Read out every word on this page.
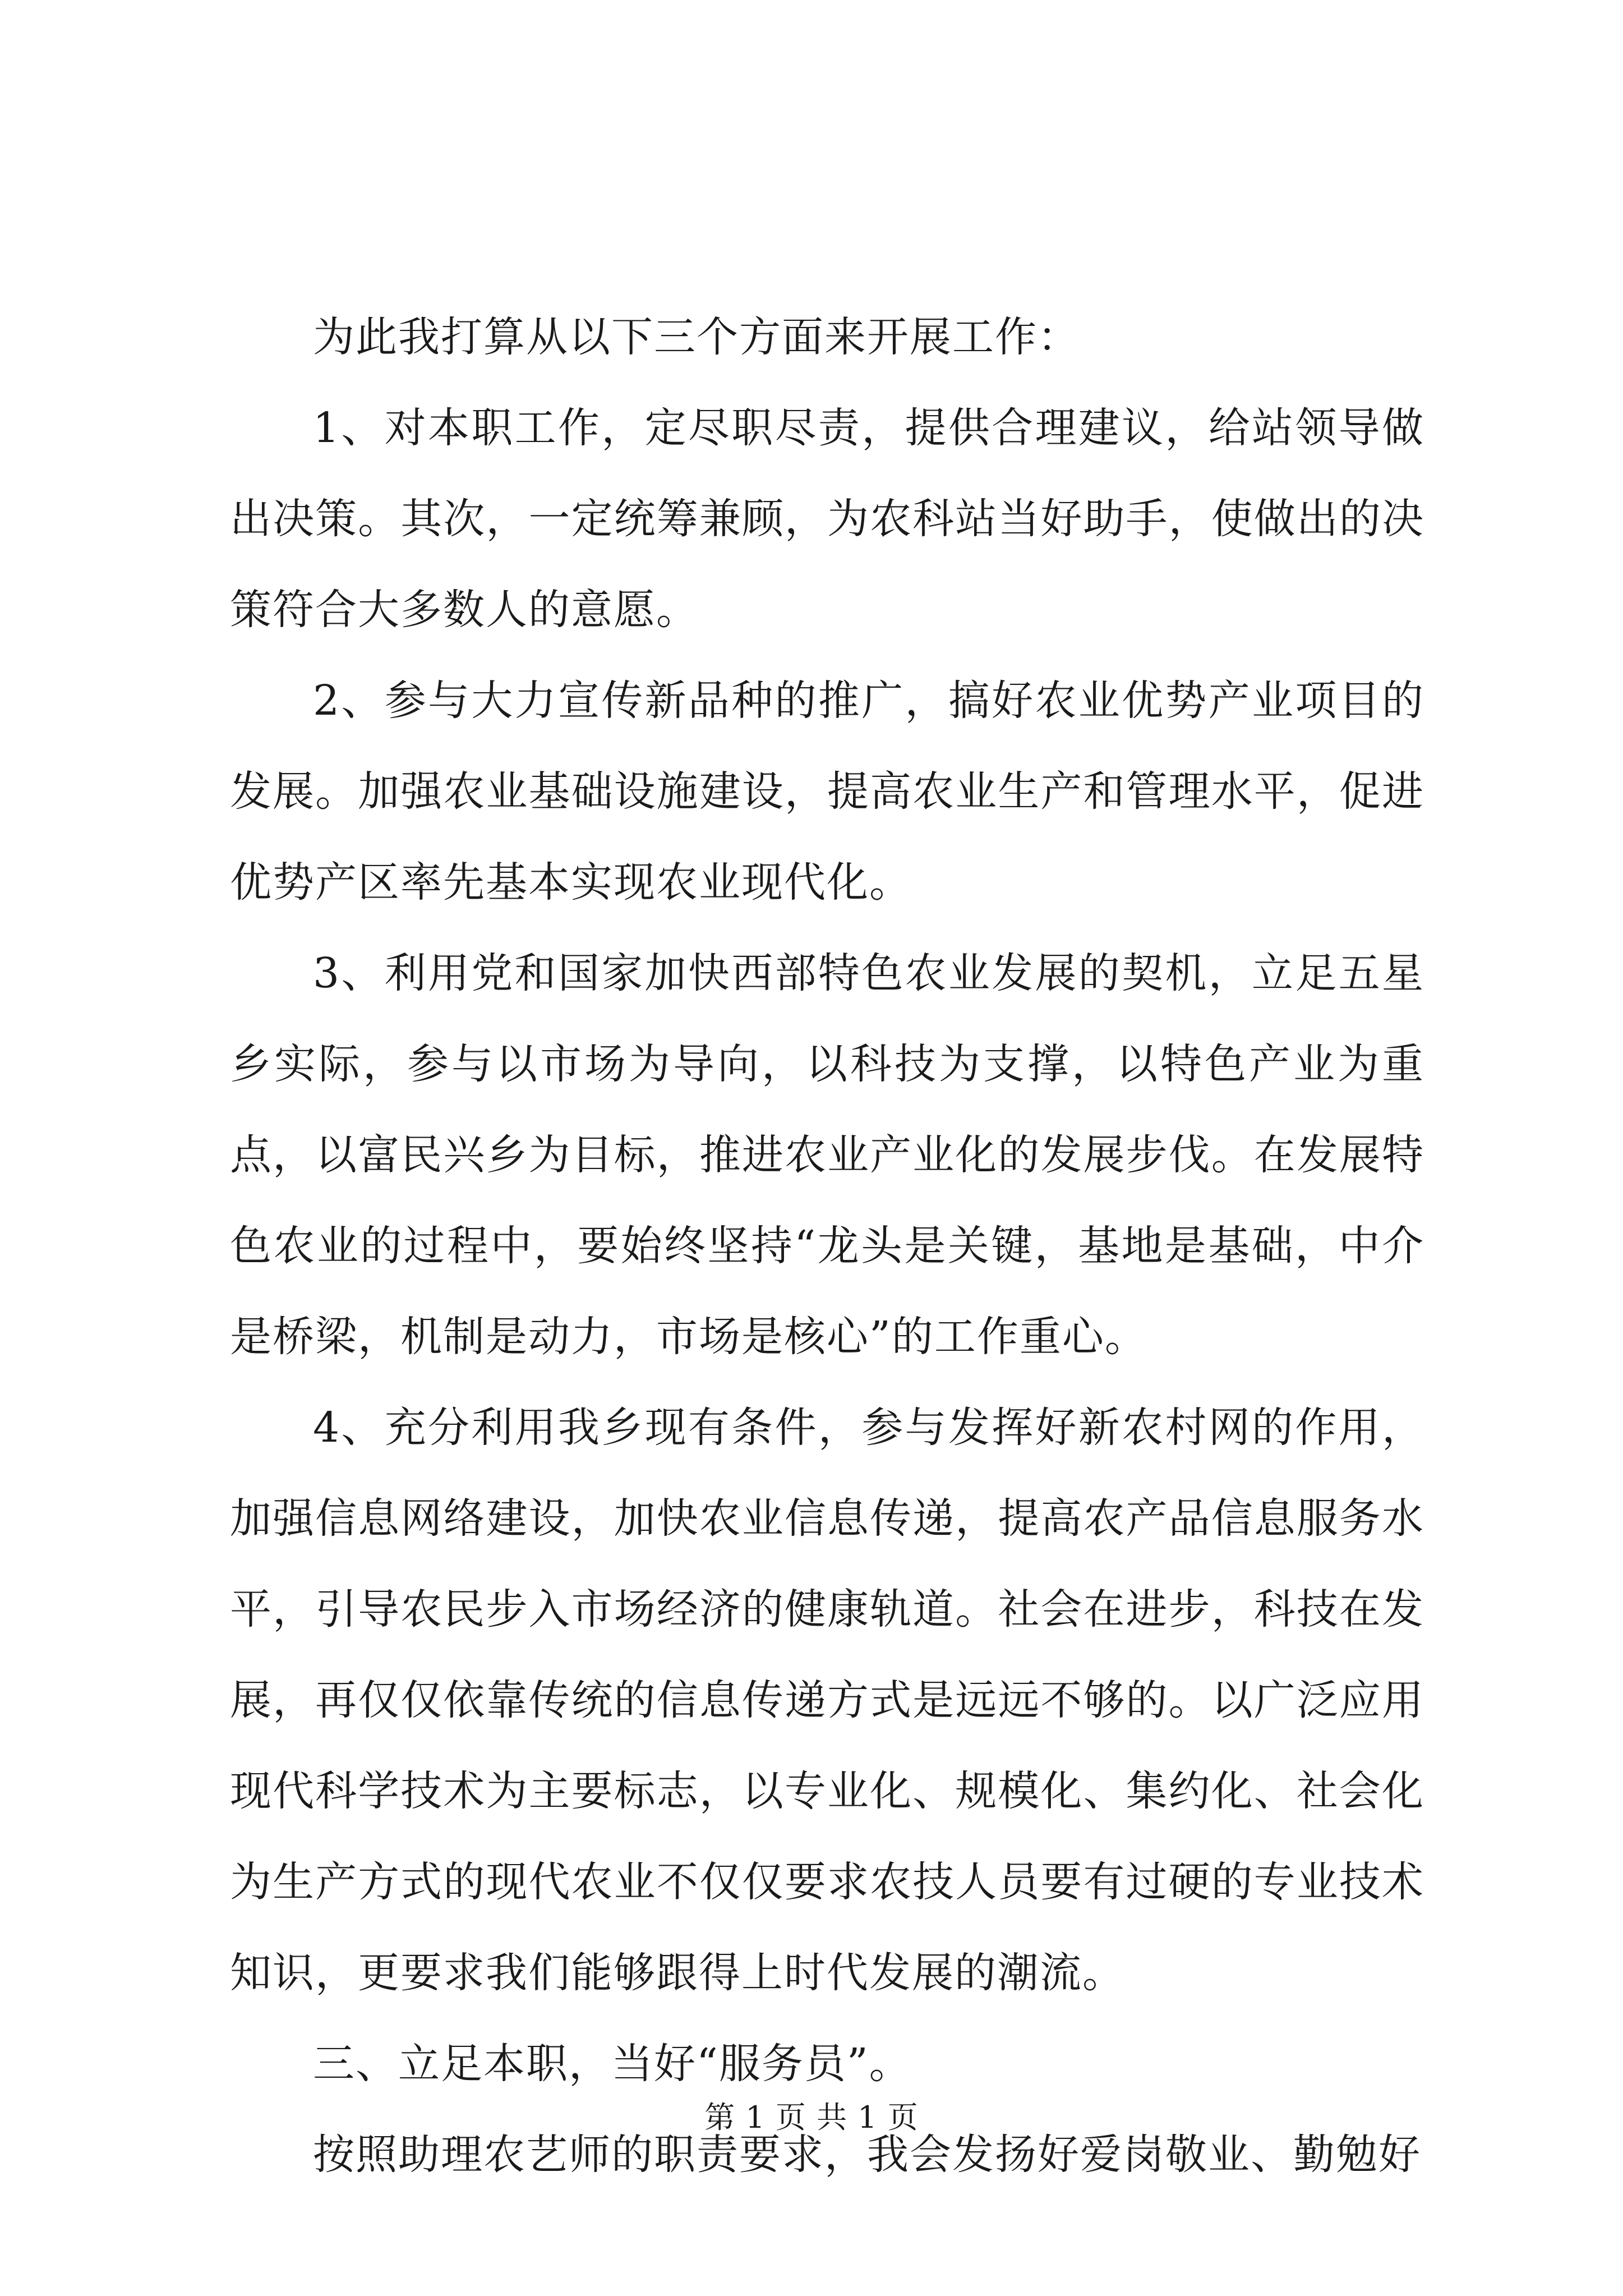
为此我打算从以下三个方面来开展工作：

1、对本职工作，定尽职尽责，提供合理建议，给站领导做出决策。其次，一定统筹兼顾，为农科站当好助手，使做出的决策符合大多数人的意愿。

2、参与大力宣传新品种的推广，搞好农业优势产业项目的发展。加强农业基础设施建设，提高农业生产和管理水平，促进优势产区率先基本实现农业现代化。

3、利用党和国家加快西部特色农业发展的契机，立足五星乡实际，参与以市场为导向，以科技为支撑，以特色产业为重点，以富民兴乡为目标，推进农业产业化的发展步伐。在发展特色农业的过程中，要始终坚持“龙头是关键，基地是基础，中介是桥梁，机制是动力，市场是核心”的工作重心。

4、充分利用我乡现有条件，参与发挥好新农村网的作用，加强信息网络建设，加快农业信息传递，提高农产品信息服务水平，引导农民步入市场经济的健康轨道。社会在进步，科技在发展，再仅仅依靠传统的信息传递方式是远远不够的。以广泛应用现代科学技术为主要标志，以专业化、规模化、集约化、社会化为生产方式的现代农业不仅仅要求农技人员要有过硬的专业技术知识，更要求我们能够跟得上时代发展的潮流。

三、立足本职，当好“服务员”。

按照助理农艺师的职责要求，我会发扬好爱岗敬业、勤勉好

第 1 页 共 1 页
